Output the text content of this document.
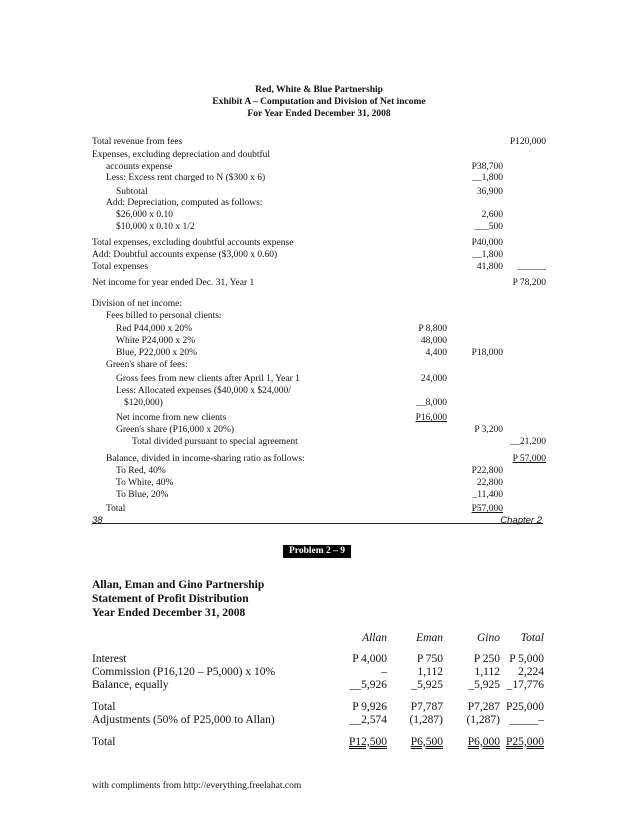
Red, White & Blue Partnership
Exhibit A – Computation and Division of Net income
For Year Ended December 31, 2008
Total revenue from fees	P120,000
Expenses, excluding depreciation and doubtful
accounts expense	P38,700
Less: Excess rent charged to N ($300 x 6)	__1,800
Subtotal	36,900
Add: Depreciation, computed as follows:
$26,000 x 0.10	2,600
$10,000 x 0.10 x 1/2	___500
Total expenses, excluding doubtful accounts expense	P40,000
Add: Doubtful accounts expense ($3,000 x 0.60)	__1,800
Total expenses	41,800	______
Net income for year ended Dec. 31, Year 1	P 78,200
Division of net income:
Fees billed to personal clients:
Red P44,000 x 20%	P 8,800
White P24,000 x 2%	48,000
Blue, P22,000 x 20%	4,400	P18,000
Green's share of fees:
Gross fees from new clients after April 1, Year 1	24,000
Less: Allocated expenses ($40,000 x $24,000/
$120,000)	__8,000
Net income from new clients	P16,000
Green's share (P16,000 x 20%)	P 3,200
Total divided pursuant to special agreement	__21,200
Balance, divided in income-sharing ratio as follows:	P 57,000
To Red, 40%	P22,800
To White, 40%	22,800
To Blue, 20%	_11,400
Total	P57,000
38	Chapter 2
Problem 2 – 9
Allan, Eman and Gino Partnership
Statement of Profit Distribution
Year Ended December 31, 2008
Allan	Eman	Gino	Total
Interest	P 4,000	P 750	P 250 P 5,000
Commission (P16,120 – P5,000) x 10%	–	1,112	1,112	2,224
Balance, equally	__5,926	_5,925	_5,925 _17,776
Total	P 9,926	P7,787	P7,287 P25,000
Adjustments (50% of P25,000 to Allan)	__2,574	(1,287)	(1,287) _____–
Total	P12,500	P6,500	P6,000 P25,000
with compliments from http://everything.freelahat.com
